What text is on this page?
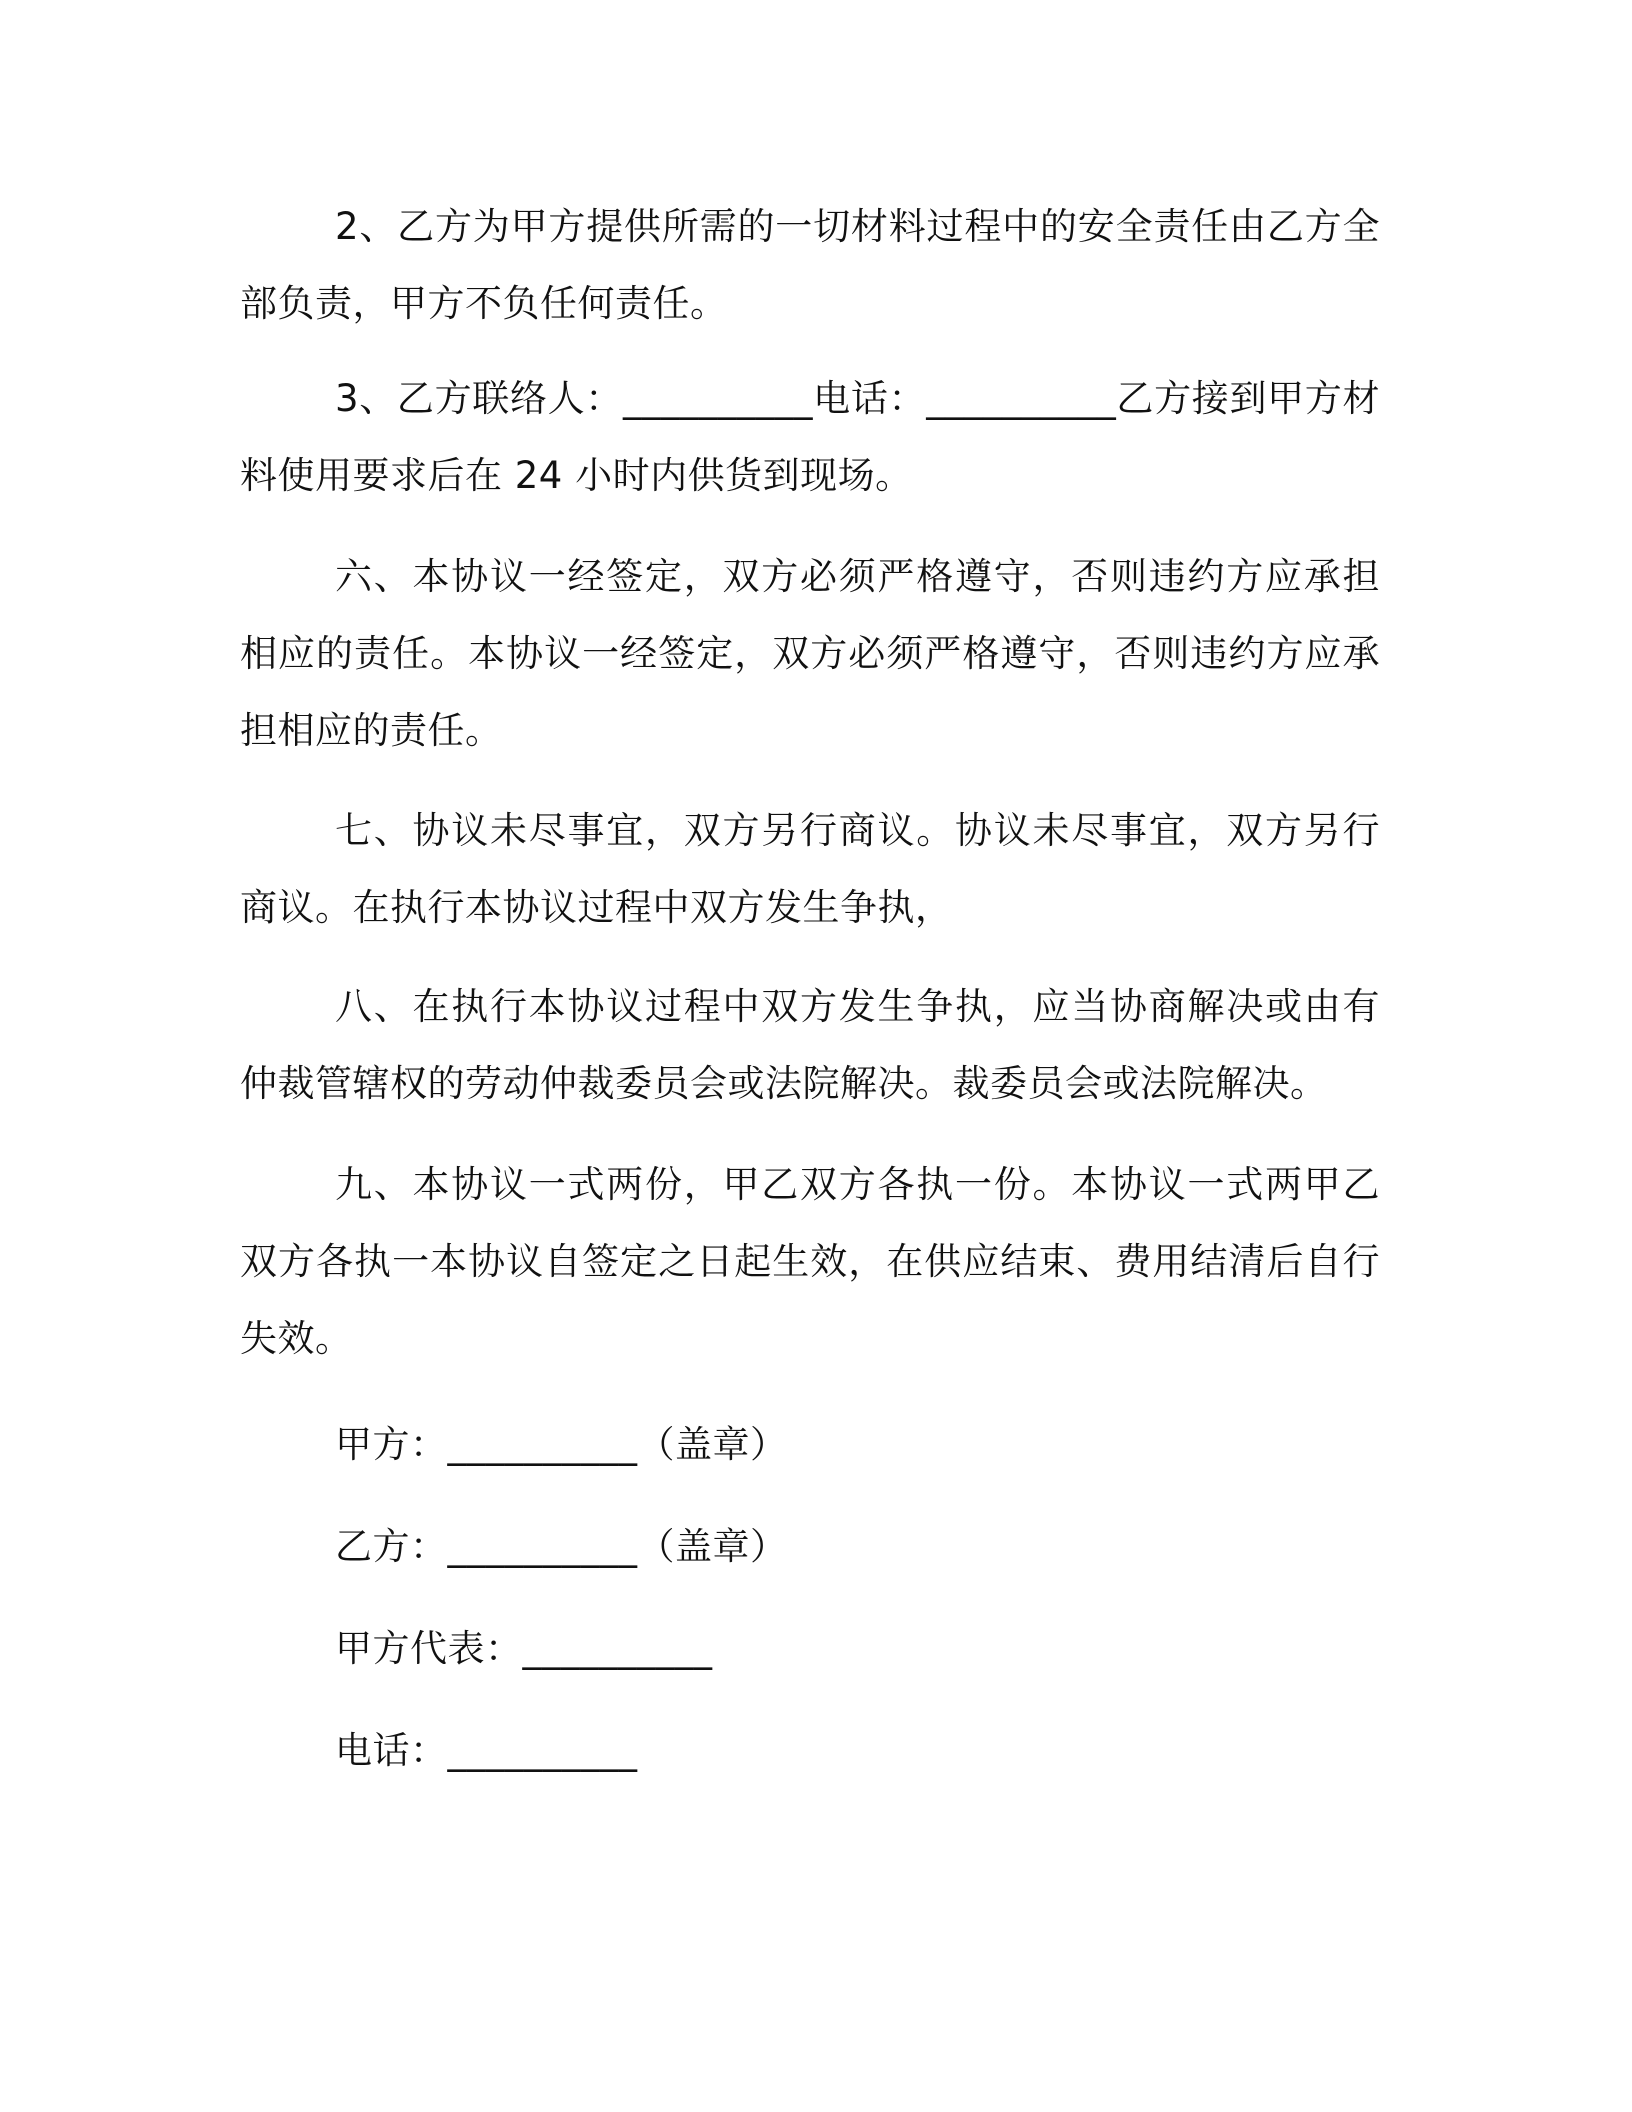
2、乙方为甲方提供所需的一切材料过程中的安全责任由乙方全部负责，甲方不负任何责任。

3、乙方联络人：__________电话：__________乙方接到甲方材料使用要求后在 24 小时内供货到现场。

六、本协议一经签定，双方必须严格遵守，否则违约方应承担相应的责任。本协议一经签定，双方必须严格遵守，否则违约方应承担相应的责任。

七、协议未尽事宜，双方另行商议。协议未尽事宜，双方另行商议。在执行本协议过程中双方发生争执，

八、在执行本协议过程中双方发生争执，应当协商解决或由有仲裁管辖权的劳动仲裁委员会或法院解决。裁委员会或法院解决。

九、本协议一式两份，甲乙双方各执一份。本协议一式两甲乙双方各执一本协议自签定之日起生效，在供应结束、费用结清后自行失效。

甲方：__________（盖章）

乙方：__________（盖章）

甲方代表：__________

电话：__________
